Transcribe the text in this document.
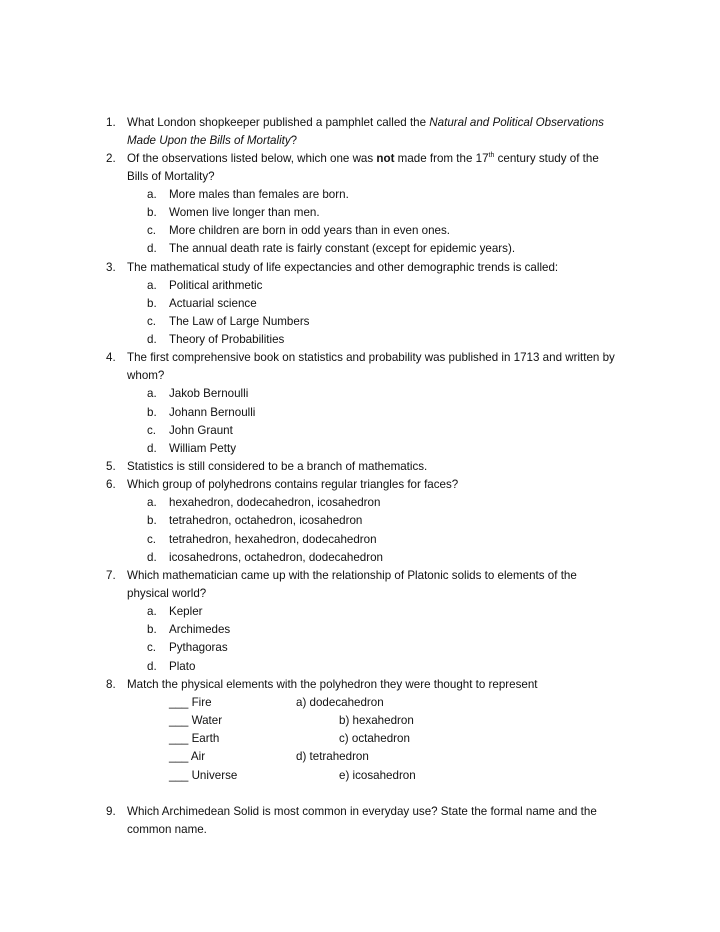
1. What London shopkeeper published a pamphlet called the Natural and Political Observations
Made Upon the Bills of Mortality?
2. Of the observations listed below, which one was not made from the 17th century study of the
Bills of Mortality?
a. More males than females are born.
b. Women live longer than men.
c. More children are born in odd years than in even ones.
d. The annual death rate is fairly constant (except for epidemic years).
3. The mathematical study of life expectancies and other demographic trends is called:
a. Political arithmetic
b. Actuarial science
c. The Law of Large Numbers
d. Theory of Probabilities
4. The first comprehensive book on statistics and probability was published in 1713 and written by
whom?
a. Jakob Bernoulli
b. Johann Bernoulli
c. John Graunt
d. William Petty
5. Statistics is still considered to be a branch of mathematics.
6. Which group of polyhedrons contains regular triangles for faces?
a. hexahedron, dodecahedron, icosahedron
b. tetrahedron, octahedron, icosahedron
c. tetrahedron, hexahedron, dodecahedron
d. icosahedrons, octahedron, dodecahedron
7. Which mathematician came up with the relationship of Platonic solids to elements of the
physical world?
a. Kepler
b. Archimedes
c. Pythagoras
d. Plato
8. Match the physical elements with the polyhedron they were thought to represent
___ Fire	a) dodecahedron
___ Water	b) hexahedron
___ Earth	c) octahedron
___ Air	d) tetrahedron
___ Universe	e) icosahedron
9. Which Archimedean Solid is most common in everyday use? State the formal name and the
common name.
